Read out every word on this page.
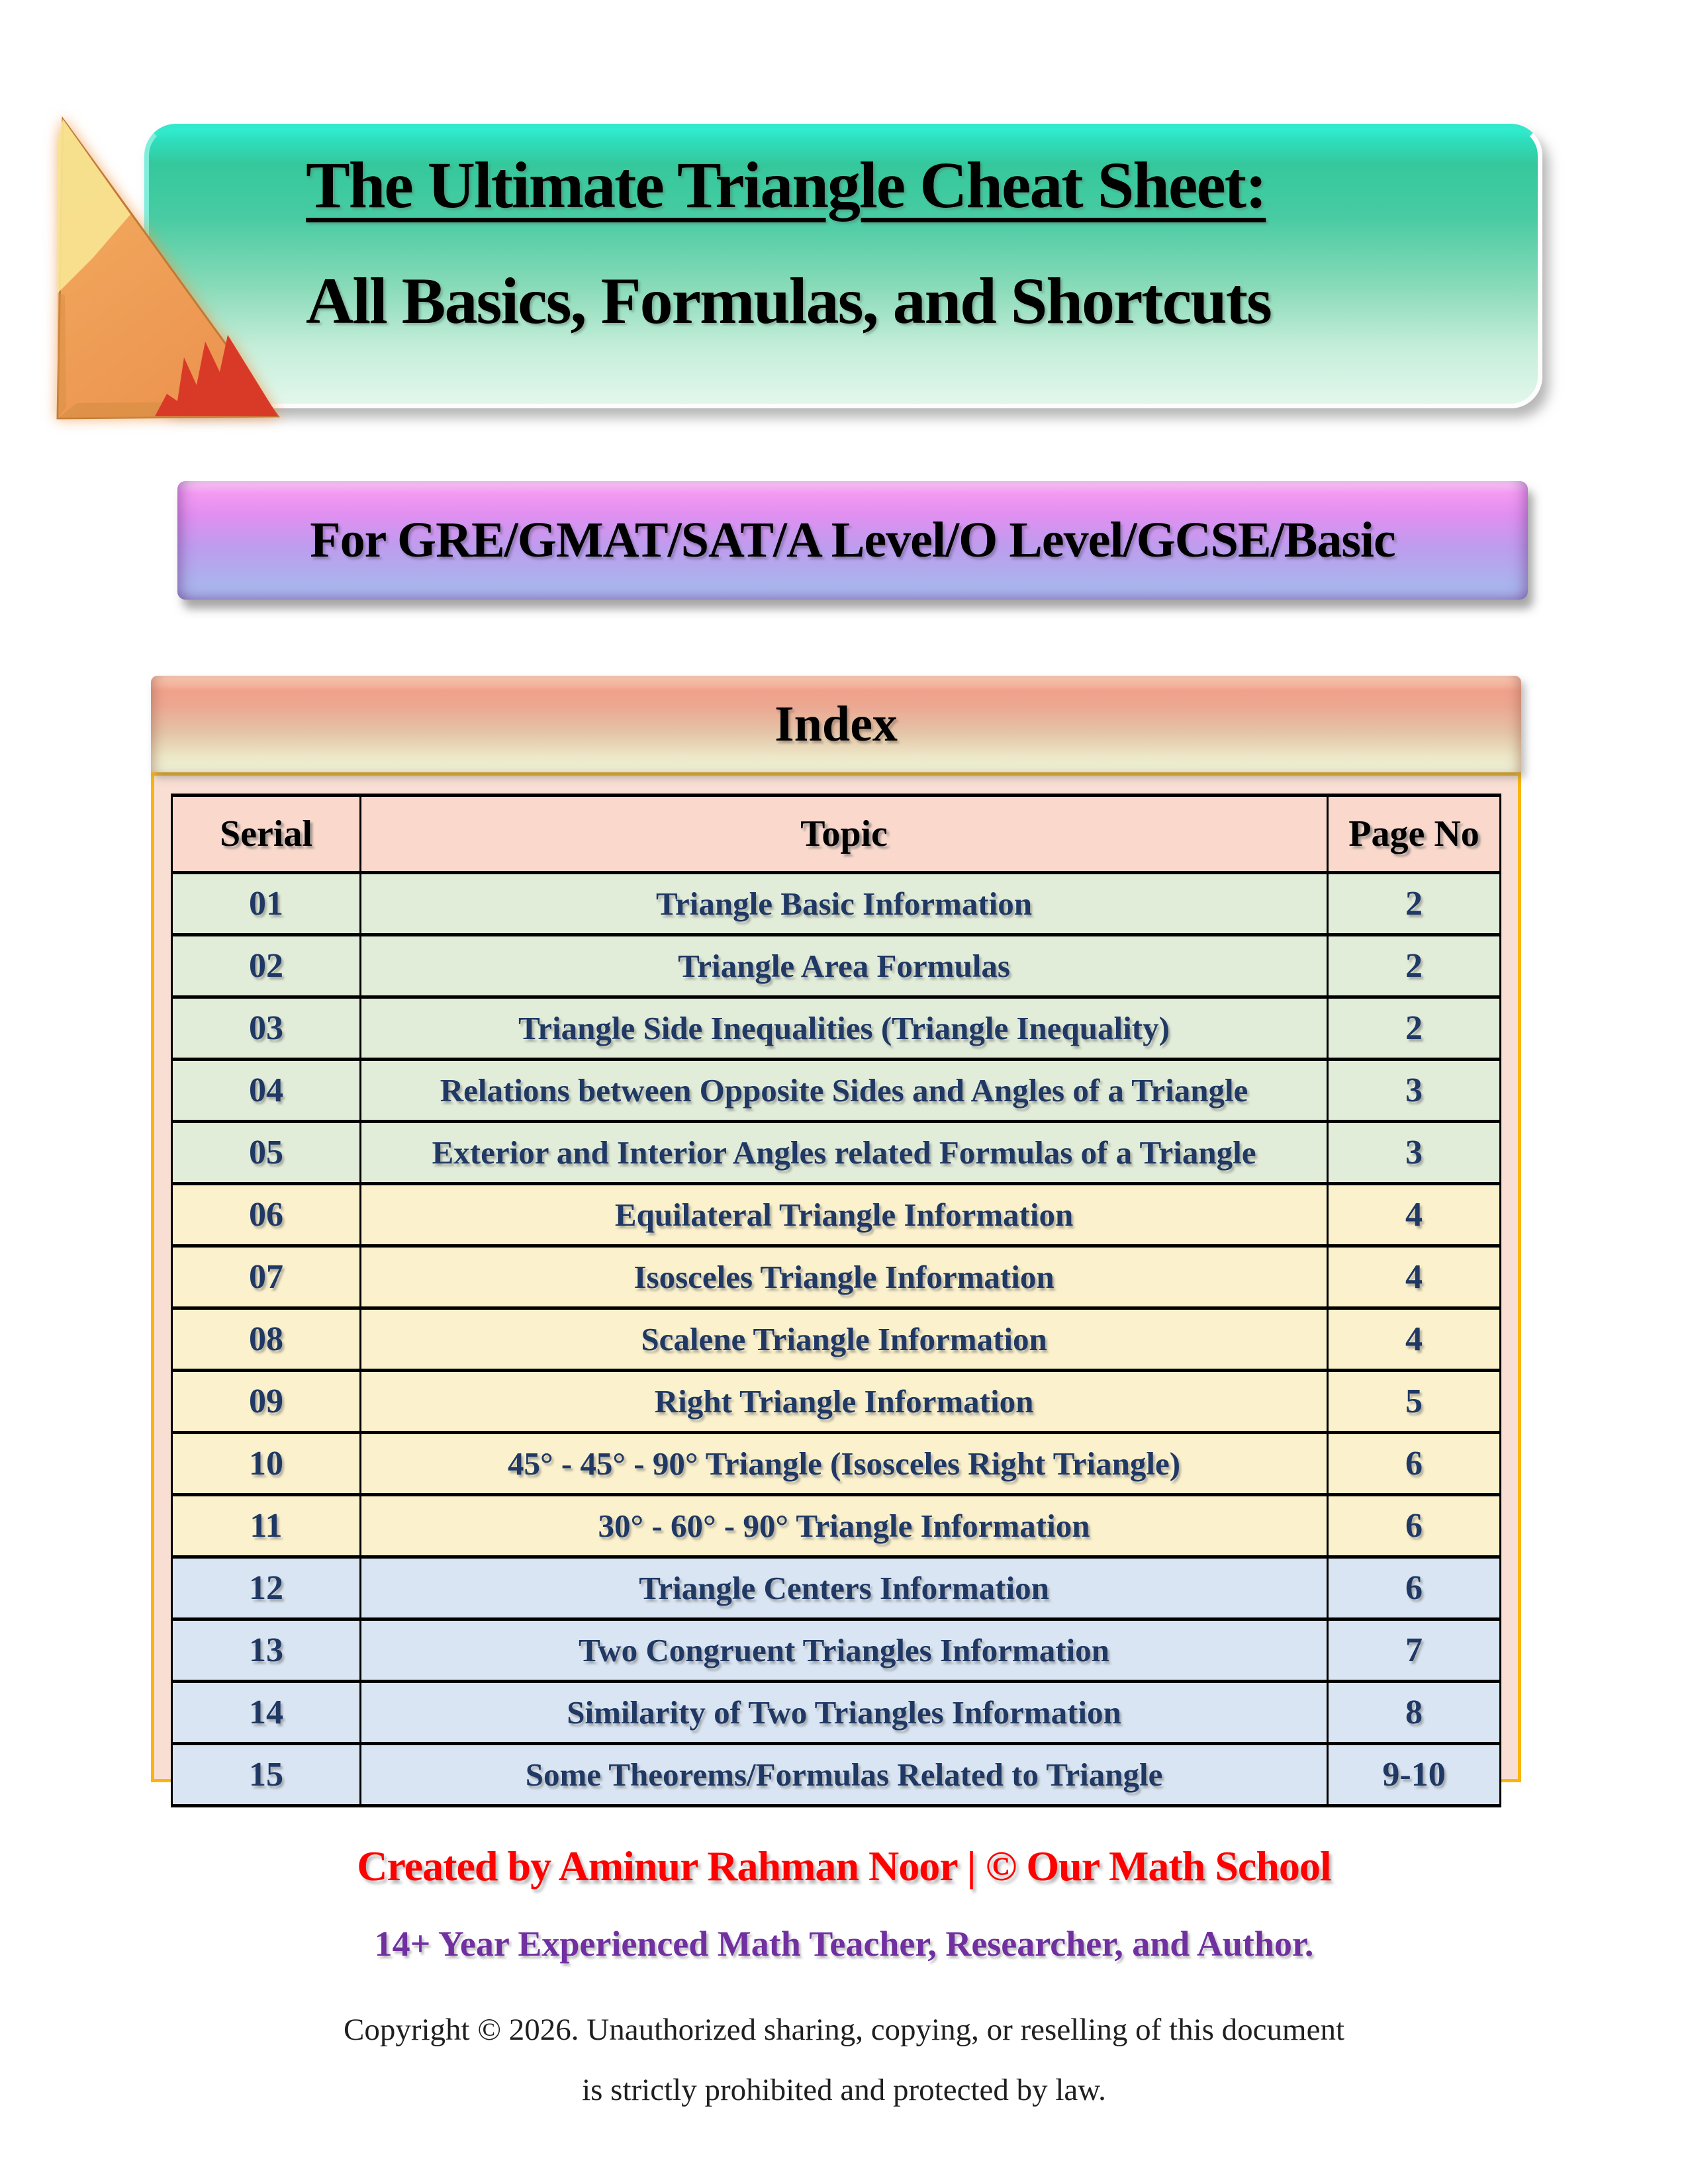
The Ultimate Triangle Cheat Sheet:
All Basics, Formulas, and Shortcuts
For GRE/GMAT/SAT/A Level/O Level/GCSE/Basic
Index
Serial	Topic	Page No
01	Triangle Basic Information	2
02	Triangle Area Formulas	2
03	Triangle Side Inequalities (Triangle Inequality)	2
04	Relations between Opposite Sides and Angles of a Triangle	3
05	Exterior and Interior Angles related Formulas of a Triangle	3
06	Equilateral Triangle Information	4
07	Isosceles Triangle Information	4
08	Scalene Triangle Information	4
09	Right Triangle Information	5
10	45° - 45° - 90° Triangle (Isosceles Right Triangle)	6
11	30° - 60° - 90° Triangle Information	6
12	Triangle Centers Information	6
13	Two Congruent Triangles Information	7
14	Similarity of Two Triangles Information	8
15	Some Theorems/Formulas Related to Triangle	9-10
Created by Aminur Rahman Noor | © Our Math School
14+ Year Experienced Math Teacher, Researcher, and Author.
Copyright © 2026. Unauthorized sharing, copying, or reselling of this document
is strictly prohibited and protected by law.
